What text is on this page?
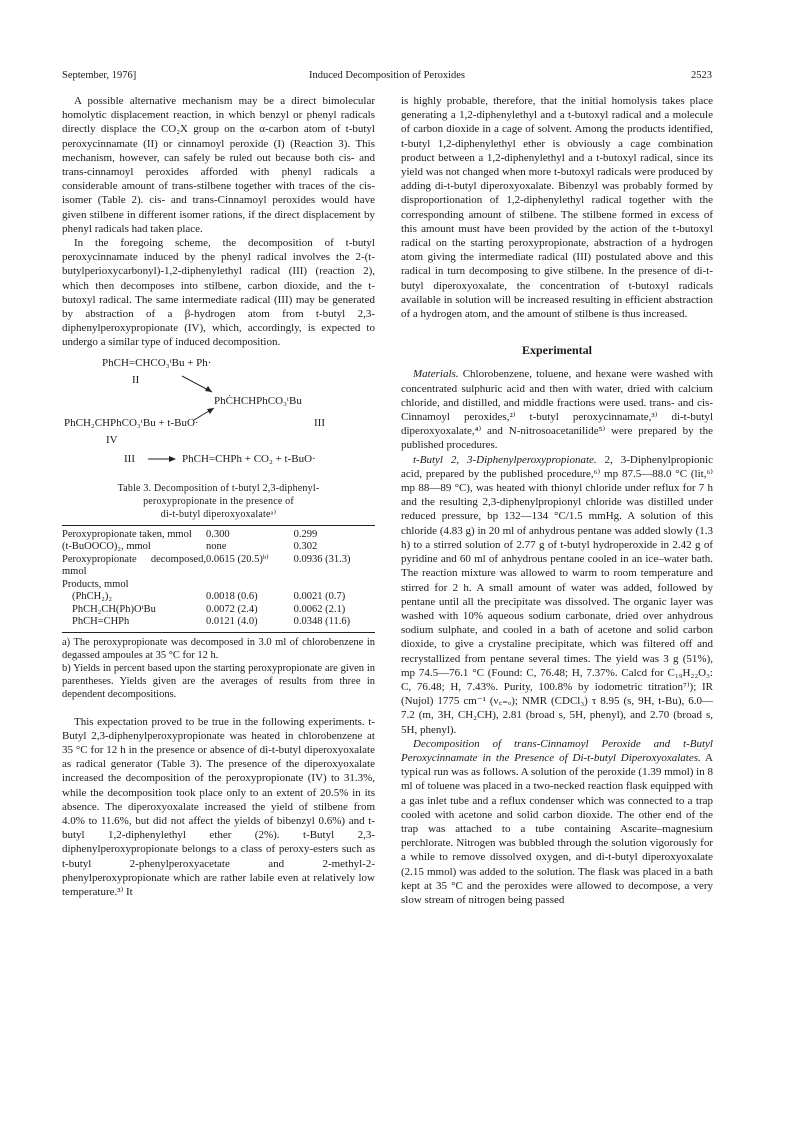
September, 1976]	Induced Decomposition of Peroxides	2523

A possible alternative mechanism may be a direct bimolecular homolytic displacement reaction, in which benzyl or phenyl radicals directly displace the CO₂X group on the α-carbon atom of t-butyl peroxycinnamate (II) or cinnamoyl peroxide (I) (Reaction 3). This mechanism, however, can safely be ruled out because both cis- and trans-cinnamoyl peroxides afforded with phenyl radicals a considerable amount of trans-stilbene together with traces of the cis-isomer (Table 2). cis- and trans-Cinnamoyl peroxides would have given stilbene in different isomer rations, if the direct displacement by phenyl radicals had taken place.

In the foregoing scheme, the decomposition of t-butyl peroxycinnamate induced by the phenyl radical involves the 2-(t-butylperioxycarbonyl)-1,2-diphenylethyl radical (III) (reaction 2), which then decomposes into stilbene, carbon dioxide, and the t-butoxyl radical. The same intermediate radical (III) may be generated by abstraction of a β-hydrogen atom from t-butyl 2,3-diphenylperoxypropionate (IV), which, accordingly, is expected to undergo a similar type of induced decomposition.

PhCH=CHCO₃ᵗBu + Ph·
II
PhĊHCHPhCO₃ᵗBu
PhCH₂CHPhCO₃ᵗBu + t-BuO·	III
IV
III	PhCH=CHPh + CO₂ + t-BuO·
Table 3. Decomposition of t-butyl 2,3-diphenyl-
peroxypropionate in the presence of
di-t-butyl diperoxyoxalateᵃ⁾
Peroxypropionate taken, mmol	0.300	0.299
(t-BuOOCO)₂, mmol	none	0.302
Peroxypropionate decomposed, mmol	0.0615 (20.5)ᵇ⁾	0.0936 (31.3)
Products, mmol		
(PhCH₂)₂	0.0018 (0.6)	0.0021 (0.7)
PhCH₂CH(Ph)OᵗBu	0.0072 (2.4)	0.0062 (2.1)
PhCH=CHPh	0.0121 (4.0)	0.0348 (11.6)
a) The peroxypropionate was decomposed in 3.0 ml of chlorobenzene in degassed ampoules at 35 °C for 12 h.
b) Yields in percent based upon the starting peroxypropionate are given in parentheses. Yields given are the averages of results from three in dependent decompositions.

This expectation proved to be true in the following experiments. t-Butyl 2,3-diphenylperoxypropionate was heated in chlorobenzene at 35 °C for 12 h in the presence or absence of di-t-butyl diperoxyoxalate as radical generator (Table 3). The presence of the diperoxyoxalate increased the decomposition of the peroxypropionate (IV) to 31.3%, while the decomposition took place only to an extent of 20.5% in its absence. The diperoxyoxalate increased the yield of stilbene from 4.0% to 11.6%, but did not affect the yields of bibenzyl 0.6%) and t-butyl 1,2-diphenylethyl ether (2%). t-Butyl 2,3-diphenylperoxypropionate belongs to a class of peroxy-esters such as t-butyl 2-phenylperoxyacetate and 2-methyl-2-phenylperoxypropionate which are rather labile even at relatively low temperature.³⁾ It

is highly probable, therefore, that the initial homolysis takes place generating a 1,2-diphenylethyl and a t-butoxyl radical and a molecule of carbon dioxide in a cage of solvent. Among the products identified, t-butyl 1,2-diphenylethyl ether is obviously a cage combination product between a 1,2-diphenylethyl and a t-butoxyl radical, since its yield was not changed when more t-butoxyl radicals were produced by adding di-t-butyl diperoxyoxalate. Bibenzyl was probably formed by disproportionation of 1,2-diphenylethyl radical together with the corresponding amount of stilbene. The stilbene formed in excess of this amount must have been provided by the action of the t-butoxyl radical on the starting peroxypropionate, abstraction of a hydrogen atom giving the intermediate radical (III) postulated above and this radical in turn decomposing to give stilbene. In the presence of di-t-butyl diperoxyoxalate, the concentration of t-butoxyl radicals available in solution will be increased resulting in efficient abstraction of a hydrogen atom, and the amount of stilbene is thus increased.

Experimental

Materials. Chlorobenzene, toluene, and hexane were washed with concentrated sulphuric acid and then with water, dried with calcium chloride, and distilled, and middle fractions were used. trans- and cis-Cinnamoyl peroxides,²⁾ t-butyl peroxycinnamate,³⁾ di-t-butyl diperoxyoxalate,⁴⁾ and N-nitrosoacetanilide⁵⁾ were prepared by the published procedures.

t-Butyl 2, 3-Diphenylperoxypropionate. 2, 3-Diphenylpropionic acid, prepared by the published procedure,⁶⁾ mp 87.5—88.0 °C (lit,⁶⁾ mp 88—89 °C), was heated with thionyl chloride under reflux for 7 h and the resulting 2,3-diphenylpropionyl chloride was distilled under reduced pressure, bp 132—134 °C/1.5 mmHg. A solution of this chloride (4.83 g) in 20 ml of anhydrous pentane was added slowly (1.3 h) to a stirred solution of 2.77 g of t-butyl hydroperoxide in 2.42 g of pyridine and 60 ml of anhydrous pentane cooled in an ice–water bath. The reaction mixture was allowed to warm to room temperature and stirred for 2 h. A small amount of water was added, followed by pentane until all the precipitate was dissolved. The organic layer was washed with 10% aqueous sodium carbonate, dried over anhydrous sodium sulphate, and cooled in a bath of acetone and solid carbon dioxide, to give a crystaline precipitate, which was filtered off and recrystallized from pentane several times. The yield was 3 g (51%), mp 74.5—76.1 °C (Found: C, 76.48; H, 7.37%. Calcd for C₁₉H₂₂O₃: C, 76.48; H, 7.43%. Purity, 100.8% by iodometric titration⁷⁾); IR (Nujol) 1775 cm⁻¹ (ν꜀₌ₒ); NMR (CDCl₃) τ 8.95 (s, 9H, t-Bu), 6.0—7.2 (m, 3H, CH₂CH), 2.81 (broad s, 5H, phenyl), and 2.70 (broad s, 5H, phenyl).

Decomposition of trans-Cinnamoyl Peroxide and t-Butyl Peroxycinnamate in the Presence of Di-t-butyl Diperoxyoxalates. A typical run was as follows. A solution of the peroxide (1.39 mmol) in 8 ml of toluene was placed in a two-necked reaction flask equipped with a gas inlet tube and a reflux condenser which was connected to a trap cooled with acetone and solid carbon dioxide. The other end of the trap was attached to a tube containing Ascarite–magnesium perchlorate. Nitrogen was bubbled through the solution vigorously for a while to remove dissolved oxygen, and di-t-butyl diperoxyoxalate (2.15 mmol) was added to the solution. The flask was placed in a bath kept at 35 °C and the peroxides were allowed to decompose, a very slow stream of nitrogen being passed
